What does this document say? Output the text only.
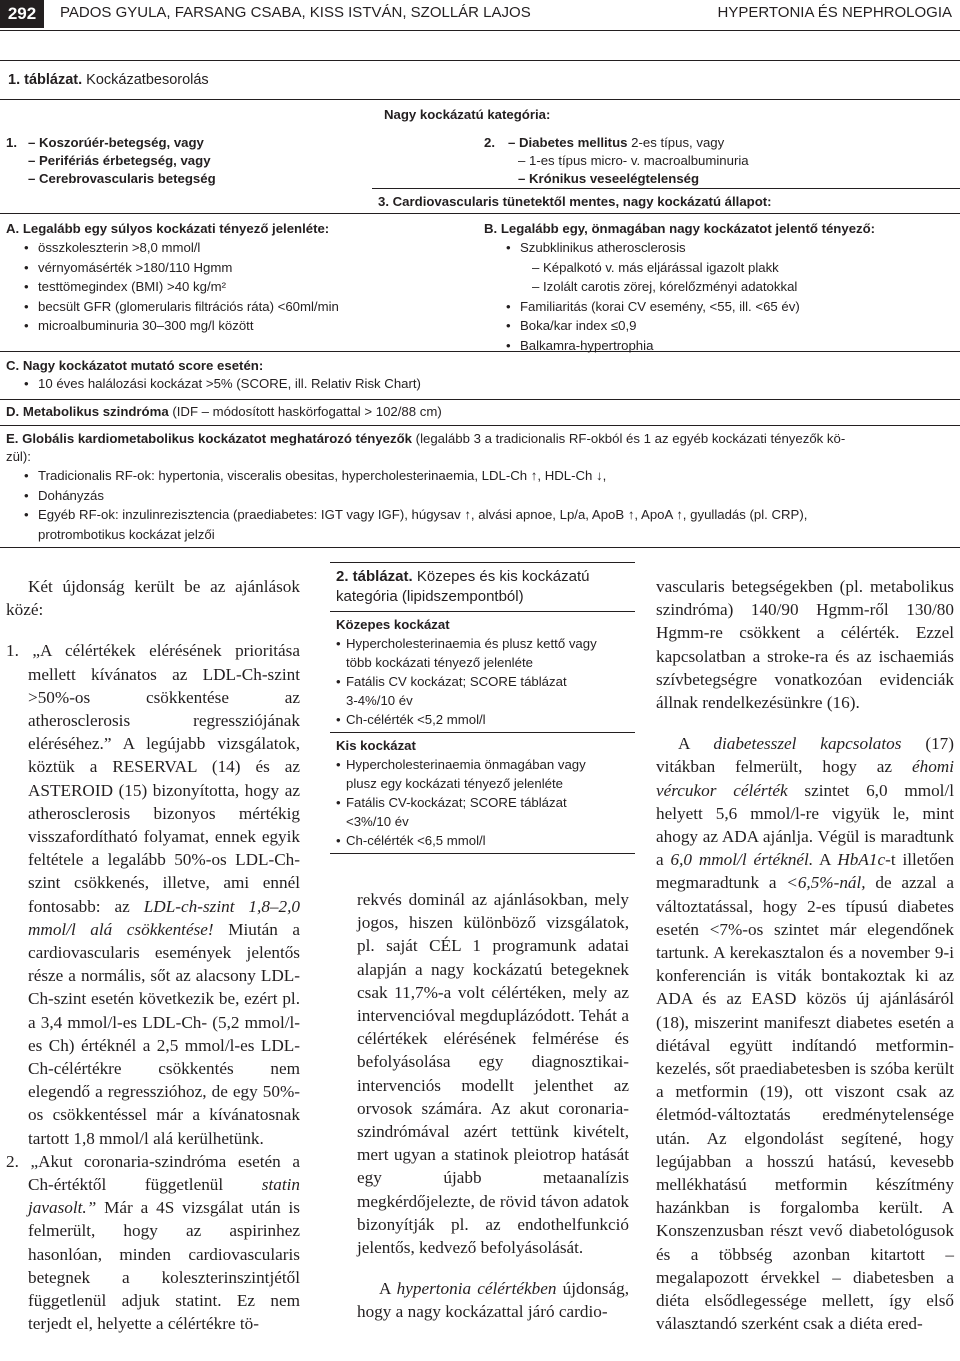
292	PADOS GYULA, FARSANG CSABA, KISS ISTVÁN, SZOLLÁR LAJOS	HYPERTONIA ÉS NEPHROLOGIA
1. táblázat. Kockázatbesorolás
Nagy kockázatú kategória:
1. – Koszorúér-betegség, vagy
– Perifériás érbetegség, vagy
– Cerebrovascularis betegség
2. – Diabetes mellitus 2-es típus, vagy
– 1-es típus micro- v. macroalbuminuria
– Krónikus veseelégtelenség
3. Cardiovascularis tünetektől mentes, nagy kockázatú állapot:
A. Legalább egy súlyos kockázati tényező jelenléte:
• összkoleszterin >8,0 mmol/l
• vérnyomásérték >180/110 Hgmm
• testtömegindex (BMI) >40 kg/m²
• becsült GFR (glomerularis filtrációs ráta) <60ml/min
• microalbuminuria 30–300 mg/l között
B. Legalább egy, önmagában nagy kockázatot jelentő tényező:
• Szubklinikus atherosclerosis
– Képalkotó v. más eljárással igazolt plakk
– Izolált carotis zörej, kórelőzményi adatokkal
• Familiaritás (korai CV esemény, <55, ill. <65 év)
• Boka/kar index ≤0,9
• Balkamra-hypertrophia
C. Nagy kockázatot mutató score esetén:
• 10 éves halálozási kockázat >5% (SCORE, ill. Relativ Risk Chart)
D. Metabolikus szindróma (IDF – módosított haskörfogattal > 102/88 cm)
E. Globális kardiometabolikus kockázatot meghatározó tényezők (legalább 3 a tradicionalis RF-okból és 1 az egyéb kockázati tényezők kö-
zül):
• Tradicionalis RF-ok: hypertonia, visceralis obesitas, hypercholesterinaemia, LDL-Ch ↑, HDL-Ch ↓,
• Dohányzás
• Egyéb RF-ok: inzulinrezisztencia (praediabetes: IGT vagy IGF), húgysav ↑, alvási apnoe, Lp/a, ApoB ↑, ApoA ↑, gyulladás (pl. CRP),
protrombotikus kockázat jelzői

Két újdonság került be az ajánlások közé:

1. „A célértékek elérésének prioritása mellett kívánatos az LDL-Ch-szint >50%-os csökkentése az atherosclerosis regressziójának eléréséhez.” A legújabb vizsgálatok, köztük a RESERVAL (14) és az ASTEROID (15) bizonyította, hogy az atherosclerosis bizonyos mértékig visszafordítható folyamat, ennek egyik feltétele a legalább 50%-os LDL-Ch-szint csökkenés, illetve, ami ennél fontosabb: az LDL-ch-szint 1,8–2,0 mmol/l alá csökkentése! Miután a cardiovascularis események jelentős része a normális, sőt az alacsony LDL-Ch-szint esetén következik be, ezért pl. a 3,4 mmol/l-es LDL-Ch- (5,2 mmol/l-es Ch) értéknél a 2,5 mmol/l-es LDL-Ch-célértékre csökkentés nem elegendő a regresszióhoz, de egy 50%-os csökkentéssel már a kívánatosnak tartott 1,8 mmol/l alá kerülhetünk.

2. „Akut coronaria-szindróma esetén a Ch-értéktől függetlenül statin javasolt.” Már a 4S vizsgálat után is felmerült, hogy az aspirinhez hasonlóan, minden cardiovascularis betegnek a koleszterinszintjétől függetlenül adjuk statint. Ez nem terjedt el, helyette a célértékre tö-

2. táblázat. Közepes és kis kockázatú kategória (lipidszempontból)
Közepes kockázat
• Hypercholesterinaemia és plusz kettő vagy
több kockázati tényező jelenléte
• Fatális CV kockázat; SCORE táblázat
3-4%/10 év
• Ch-célérték <5,2 mmol/l
Kis kockázat
• Hypercholesterinaemia önmagában vagy
plusz egy kockázati tényező jelenléte
• Fatális CV-kockázat; SCORE táblázat
<3%/10 év
• Ch-célérték <6,5 mmol/l

rekvés dominál az ajánlásokban, mely jogos, hiszen különböző vizsgálatok, pl. saját CÉL 1 programunk adatai alapján a nagy kockázatú betegeknek csak 11,7%-a volt célértéken, mely az intervencióval megduplázódott. Tehát a célértékek elérésének felmérése és befolyásolása egy diagnosztikai-intervenciós modellt jelenthet az orvosok számára. Az akut coronaria-szindrómával azért tettünk kivételt, mert ugyan a statinok pleiotrop hatását egy újabb metaanalízis megkérdőjelezte, de rövid távon adatok bizonyítják pl. az endothelfunkció jelentős, kedvező befolyásolását.

A hypertonia célértékben újdonság, hogy a nagy kockázattal járó cardio-

vascularis betegségekben (pl. metabolikus szindróma) 140/90 Hgmm-ről 130/80 Hgmm-re csökkent a célérték. Ezzel kapcsolatban a stroke-ra és az ischaemiás szívbetegségre vonatkozóan evidenciák állnak rendelkezésünkre (16).

A diabetesszel kapcsolatos (17) vitákban felmerült, hogy az éhomi vércukor célérték szintet 6,0 mmol/l helyett 5,6 mmol/l-re vigyük le, mint ahogy az ADA ajánlja. Végül is maradtunk a 6,0 mmol/l értéknél. A HbA1c-t illetően megmaradtunk a <6,5%-nál, de azzal a változtatással, hogy 2-es típusú diabetes esetén <7%-os szintet már elegendőnek tartunk. A kerekasztalon és a november 9-i konferencián is viták bontakoztak ki az ADA és az EASD közös új ajánlásáról (18), miszerint manifeszt diabetes esetén a diétával együtt indítandó metformin-kezelés, sőt praediabetesben is szóba került a metformin (19), ott viszont csak az életmód-változtatás eredménytelensége után. Az elgondolást segítené, hogy legújabban a hosszú hatású, kevesebb mellékhatású metformin készítmény hazánkban is forgalomba került. A Konszenzusban részt vevő diabetológusok és a többség azonban kitartott – megalapozott érvekkel – diabetesben a diéta elsődlegessége mellett, így első választandó szerként csak a diéta ered-
